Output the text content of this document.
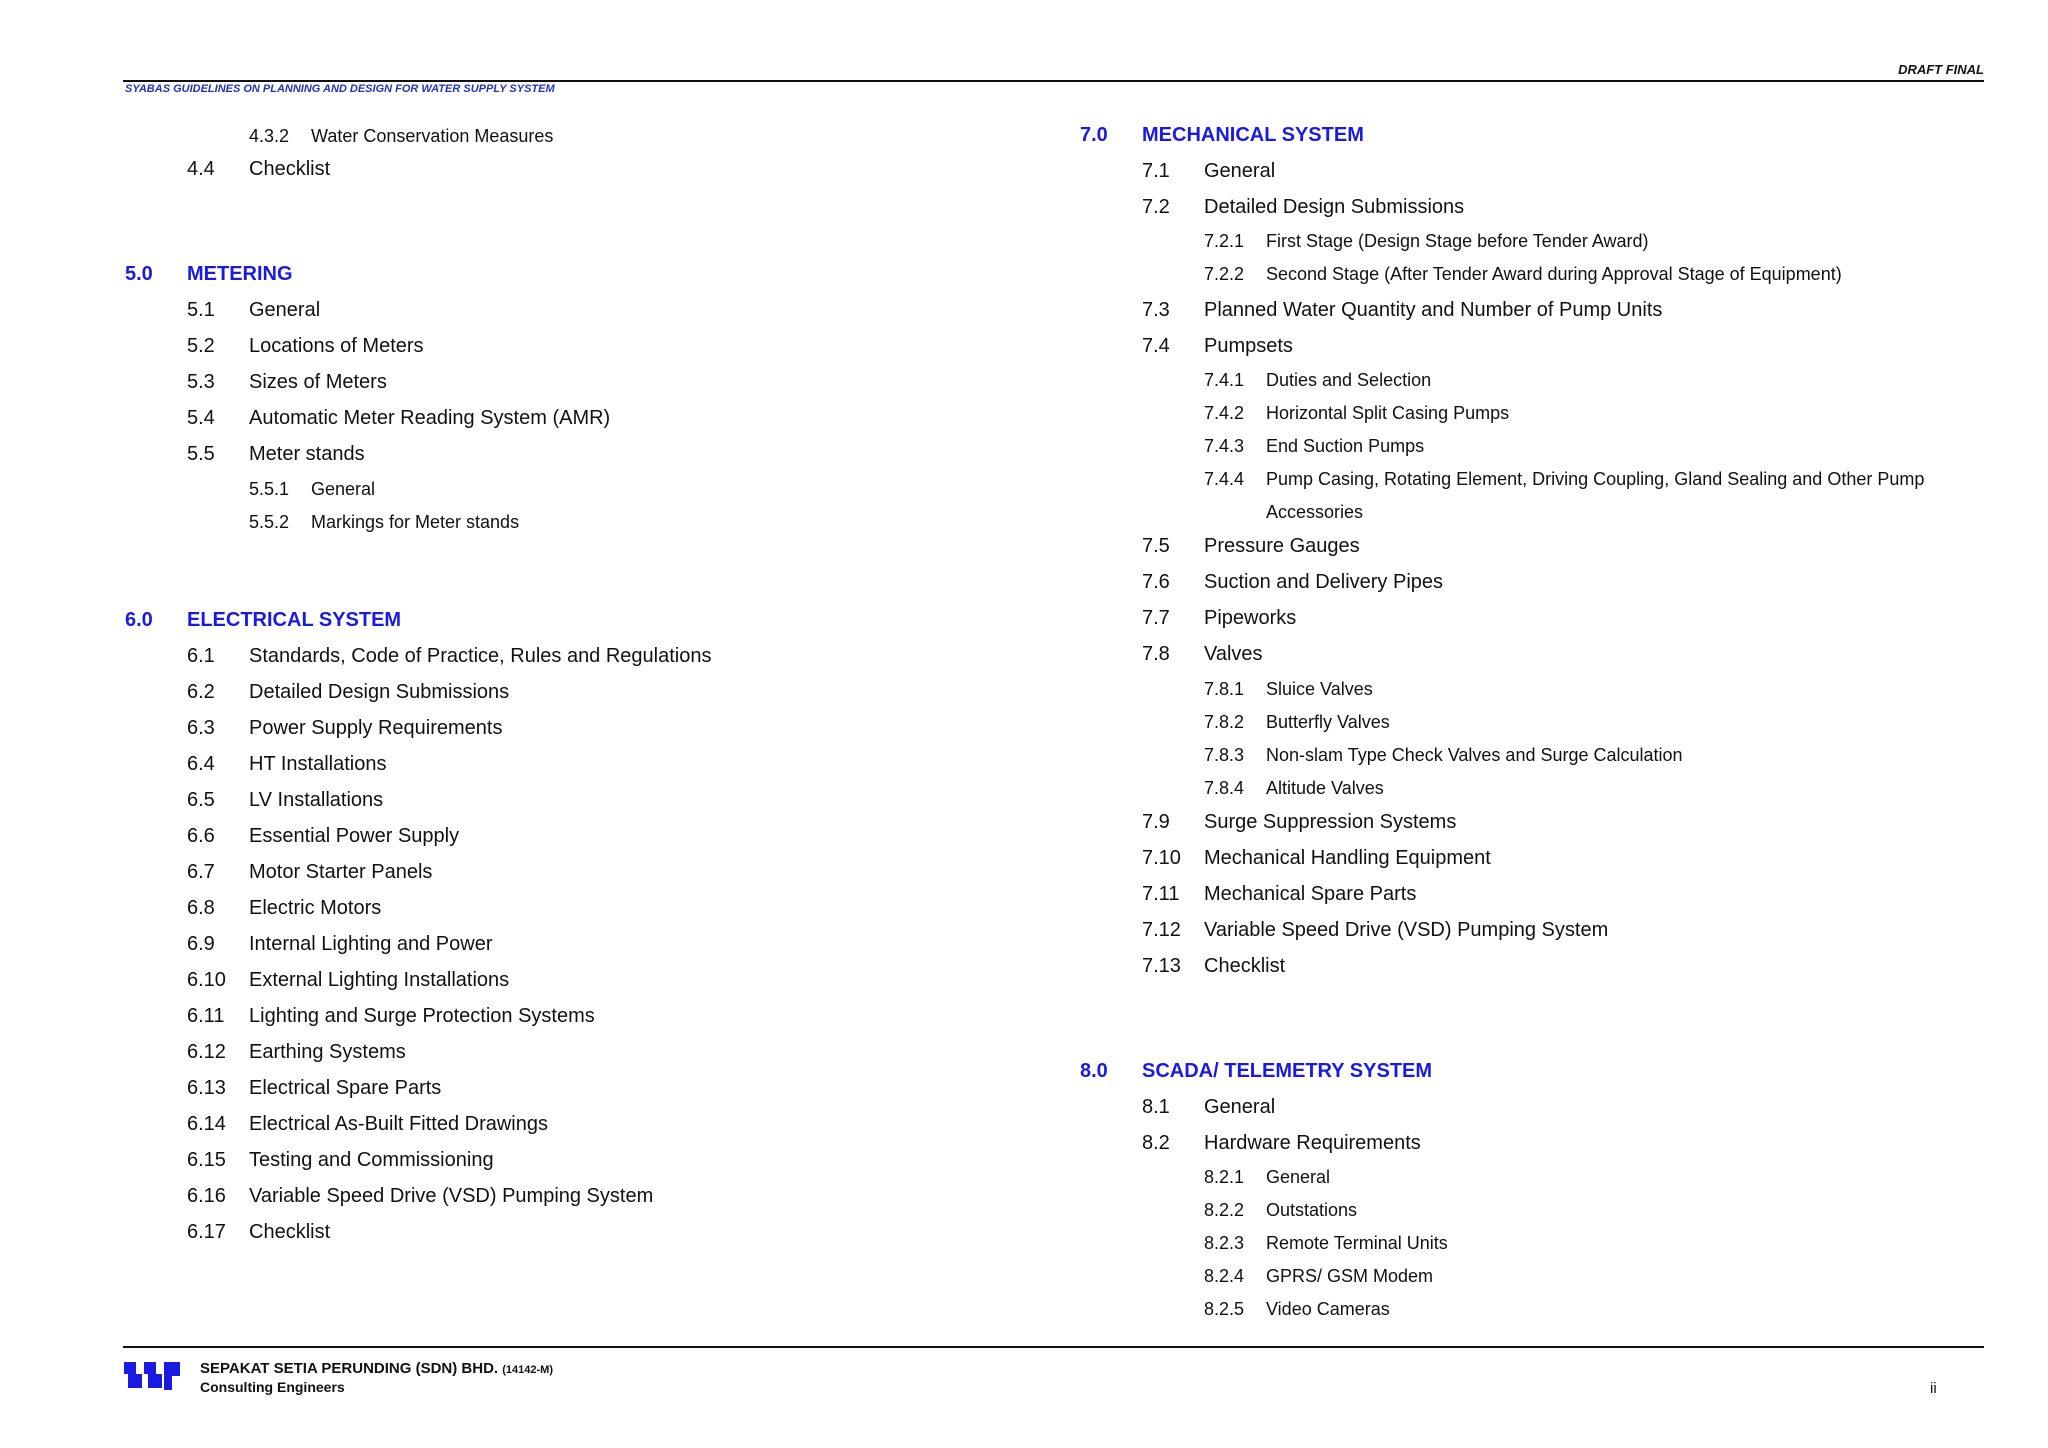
DRAFT FINAL
SYABAS GUIDELINES ON PLANNING AND DESIGN FOR WATER SUPPLY SYSTEM
4.3.2 Water Conservation Measures
4.4 Checklist
5.0 METERING
5.1 General
5.2 Locations of Meters
5.3 Sizes of Meters
5.4 Automatic Meter Reading System (AMR)
5.5 Meter stands
5.5.1 General
5.5.2 Markings for Meter stands
6.0 ELECTRICAL SYSTEM
6.1 Standards, Code of Practice, Rules and Regulations
6.2 Detailed Design Submissions
6.3 Power Supply Requirements
6.4 HT Installations
6.5 LV Installations
6.6 Essential Power Supply
6.7 Motor Starter Panels
6.8 Electric Motors
6.9 Internal Lighting and Power
6.10 External Lighting Installations
6.11 Lighting and Surge Protection Systems
6.12 Earthing Systems
6.13 Electrical Spare Parts
6.14 Electrical As-Built Fitted Drawings
6.15 Testing and Commissioning
6.16 Variable Speed Drive (VSD) Pumping System
6.17 Checklist
7.0 MECHANICAL SYSTEM
7.1 General
7.2 Detailed Design Submissions
7.2.1 First Stage (Design Stage before Tender Award)
7.2.2 Second Stage (After Tender Award during Approval Stage of Equipment)
7.3 Planned Water Quantity and Number of Pump Units
7.4 Pumpsets
7.4.1 Duties and Selection
7.4.2 Horizontal Split Casing Pumps
7.4.3 End Suction Pumps
7.4.4 Pump Casing, Rotating Element, Driving Coupling, Gland Sealing and Other Pump
Accessories
7.5 Pressure Gauges
7.6 Suction and Delivery Pipes
7.7 Pipeworks
7.8 Valves
7.8.1 Sluice Valves
7.8.2 Butterfly Valves
7.8.3 Non-slam Type Check Valves and Surge Calculation
7.8.4 Altitude Valves
7.9 Surge Suppression Systems
7.10 Mechanical Handling Equipment
7.11 Mechanical Spare Parts
7.12 Variable Speed Drive (VSD) Pumping System
7.13 Checklist
8.0 SCADA/ TELEMETRY SYSTEM
8.1 General
8.2 Hardware Requirements
8.2.1 General
8.2.2 Outstations
8.2.3 Remote Terminal Units
8.2.4 GPRS/ GSM Modem
8.2.5 Video Cameras
SEPAKAT SETIA PERUNDING (SDN) BHD. (14142-M)
Consulting Engineers	ii
